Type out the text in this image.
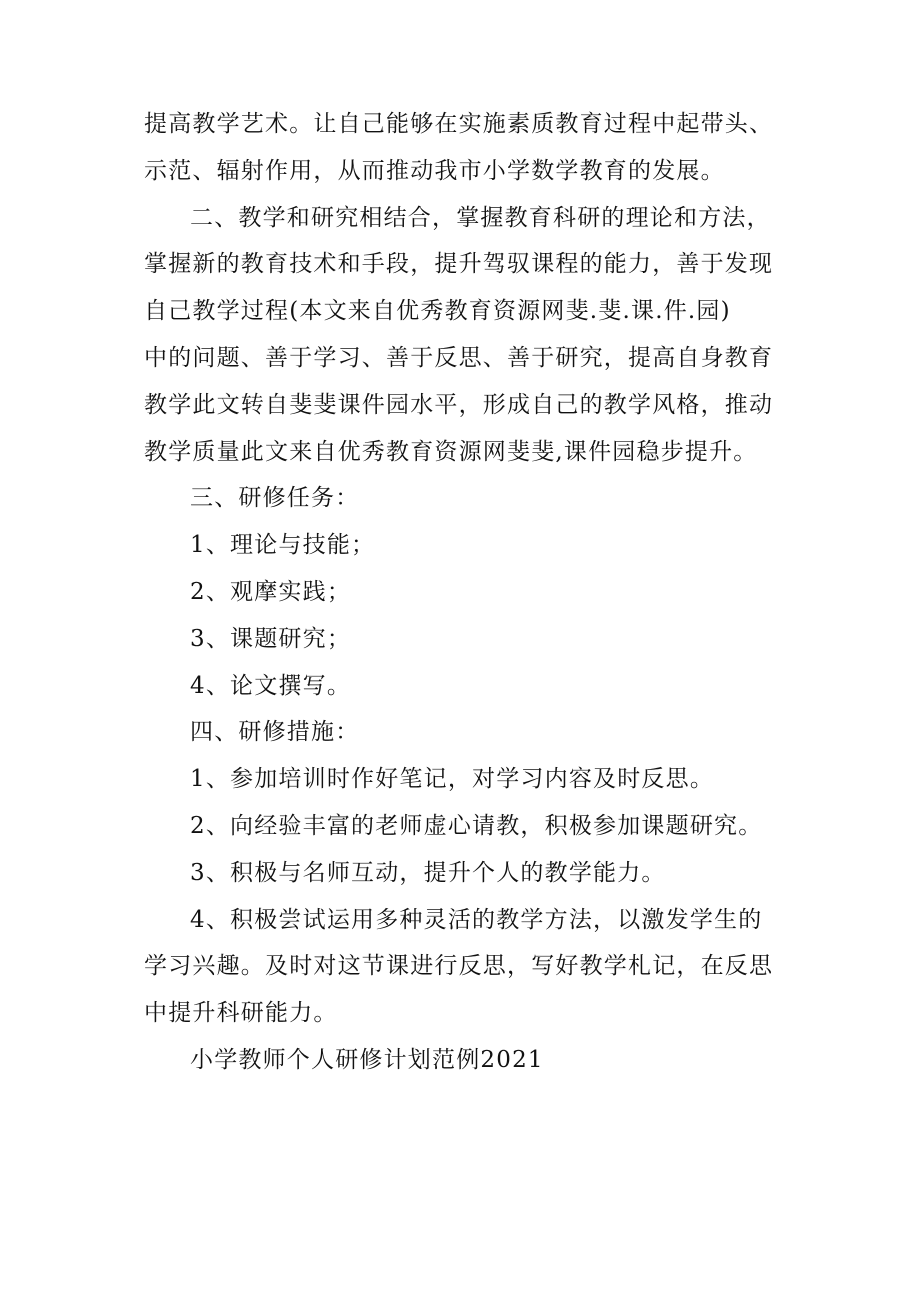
提高教学艺术。让自己能够在实施素质教育过程中起带头、
示范、辐射作用，从而推动我市小学数学教育的发展。
二、教学和研究相结合，掌握教育科研的理论和方法，
掌握新的教育技术和手段，提升驾驭课程的能力，善于发现
自己教学过程(本文来自优秀教育资源网斐.斐.课.件.园)
中的问题、善于学习、善于反思、善于研究，提高自身教育
教学此文转自斐斐课件园水平，形成自己的教学风格，推动
教学质量此文来自优秀教育资源网斐斐,课件园稳步提升。
三、研修任务：
1、理论与技能；
2、观摩实践；
3、课题研究；
4、论文撰写。
四、研修措施：
1、参加培训时作好笔记，对学习内容及时反思。
2、向经验丰富的老师虚心请教，积极参加课题研究。
3、积极与名师互动，提升个人的教学能力。
4、积极尝试运用多种灵活的教学方法，以激发学生的
学习兴趣。及时对这节课进行反思，写好教学札记，在反思
中提升科研能力。
小学教师个人研修计划范例2021
